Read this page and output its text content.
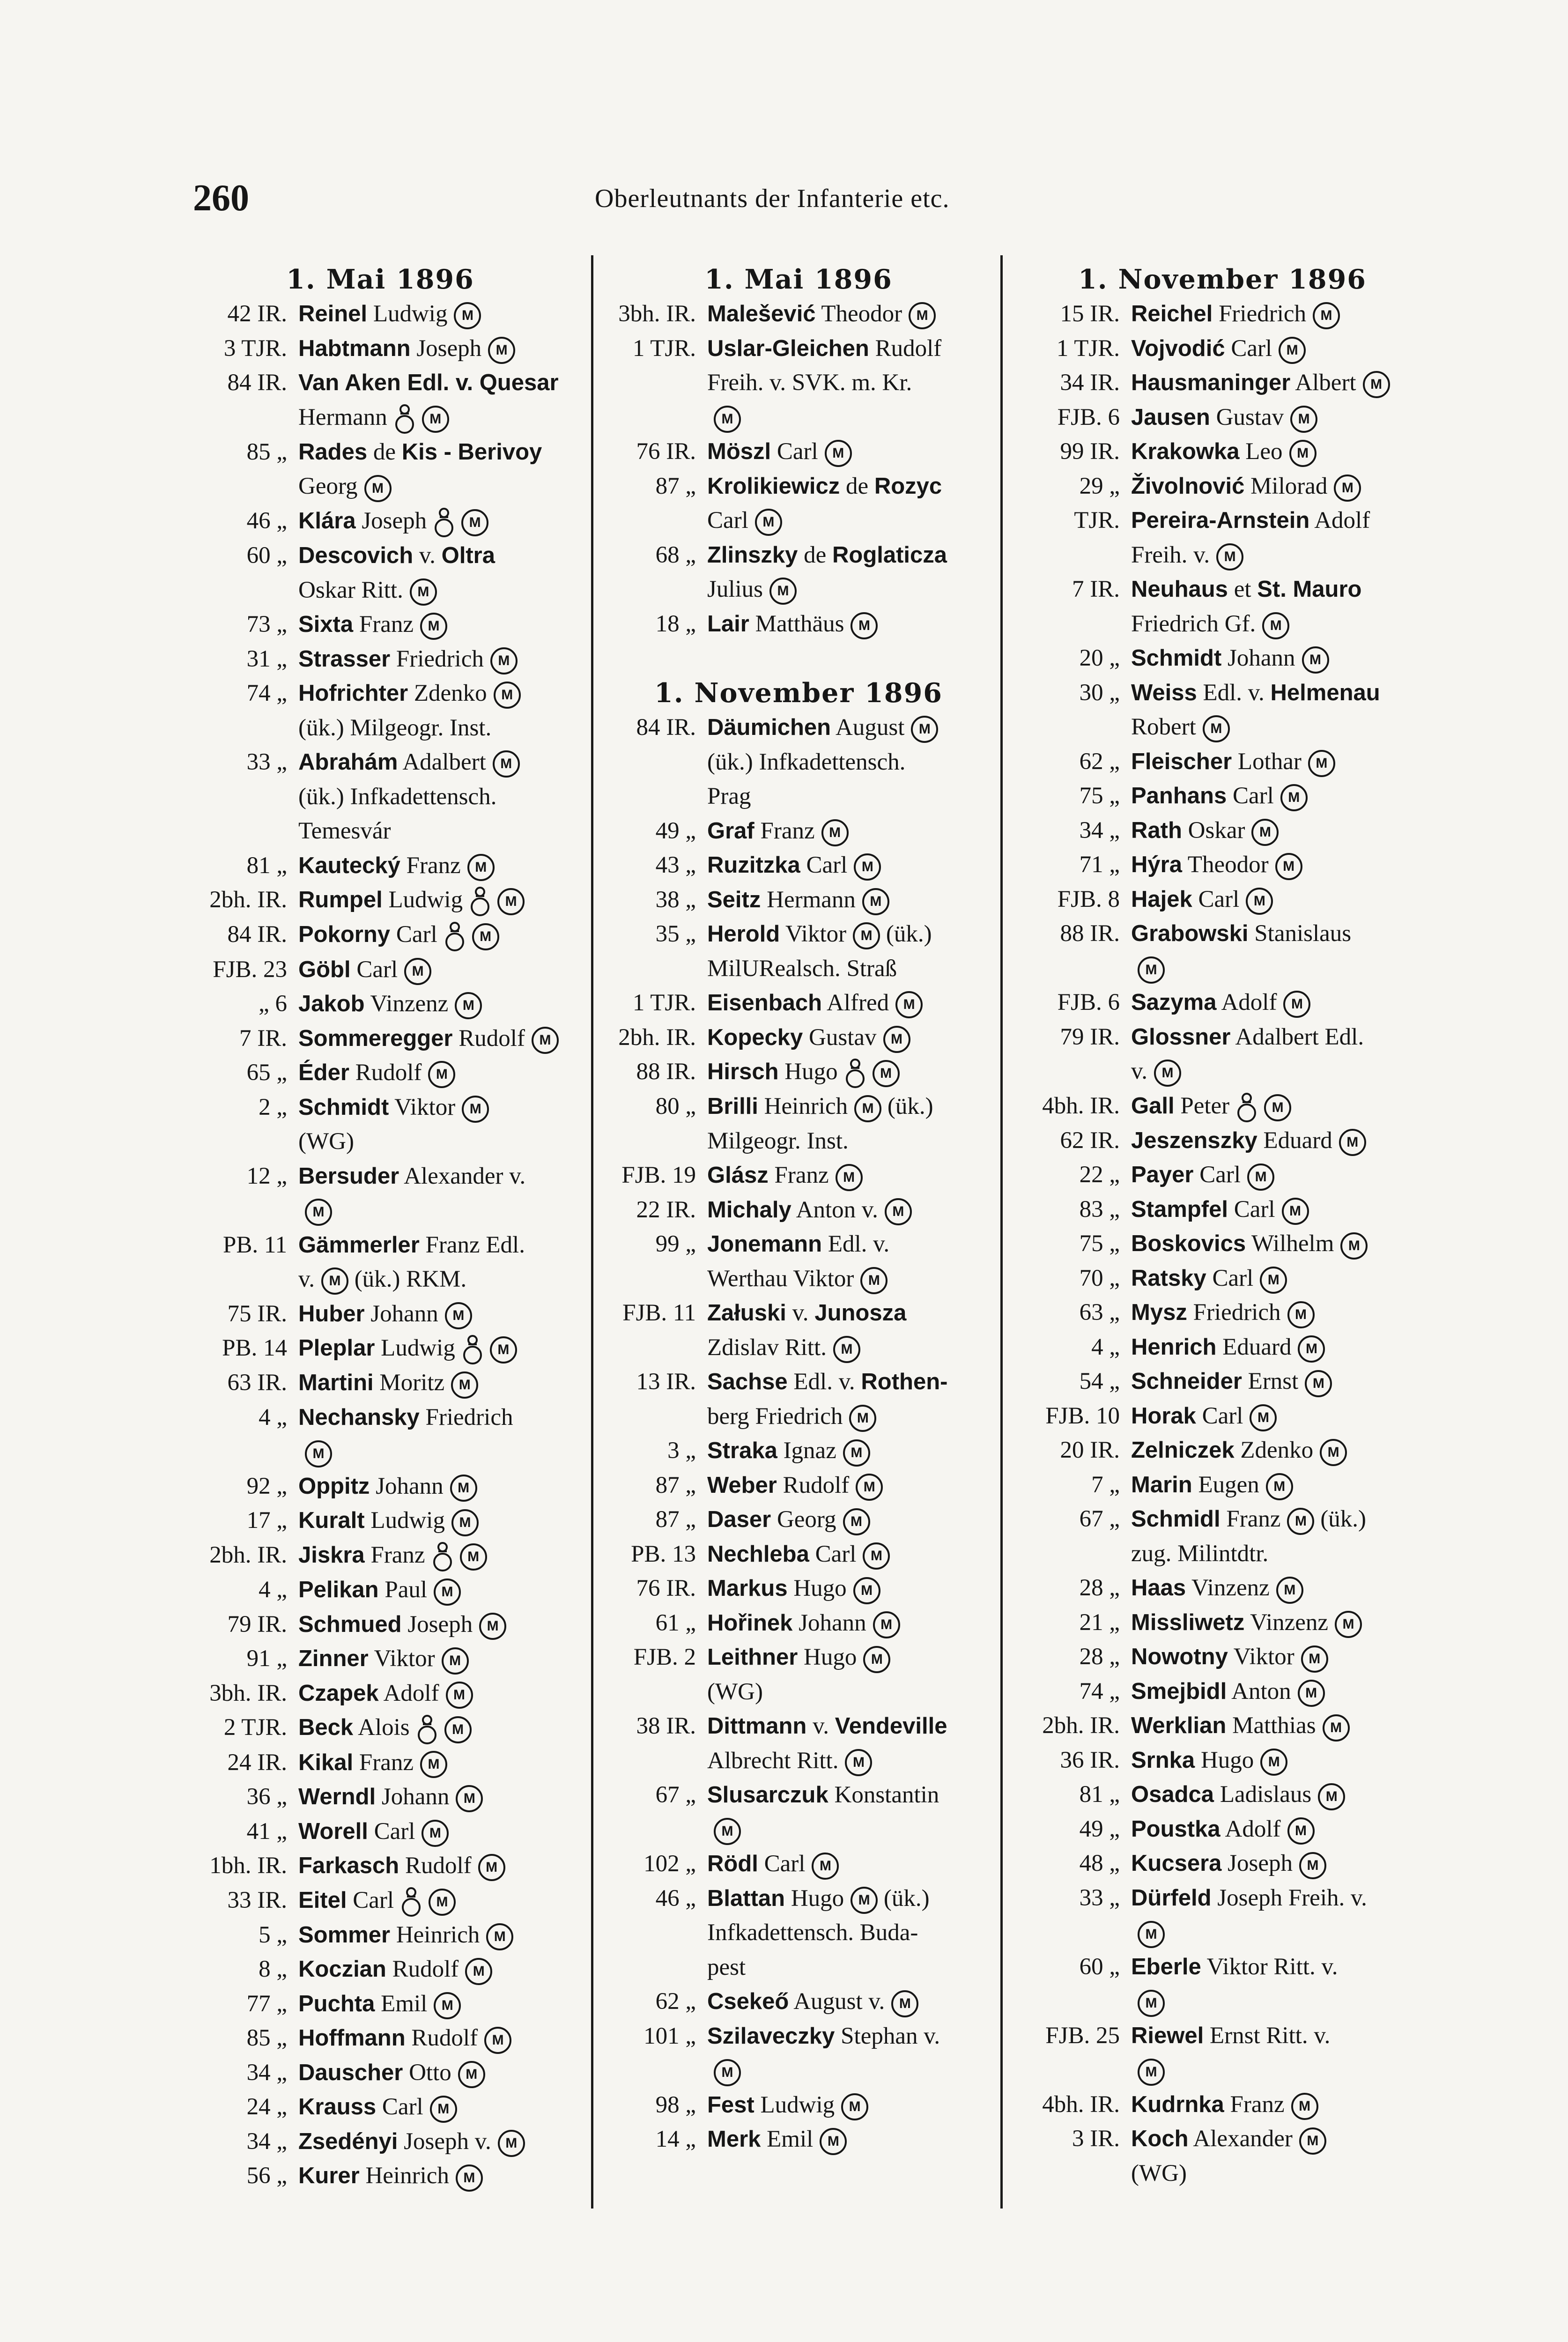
260	Oberleutnants der Infanterie etc.
1. Mai 1896
42 IR. Reinel Ludwig M
3 TJR. Habtmann Joseph M
84 IR. Van Aken Edl. v. Quesar
Hermann	M
85 „ Rades de Kis - Berivoy
Georg M
46 „ Klára Joseph	M
60 „ Descovich v. Oltra
Oskar Ritt. M
73 „ Sixta Franz M
31 „ Strasser Friedrich M
74 „ Hofrichter Zdenko M
(ük.) Milgeogr. Inst.
33 „ Abrahám Adalbert M
(ük.) Infkadettensch.
Temesvár
81 „ Kautecký Franz M
2bh. IR. Rumpel Ludwig	M
84 IR. Pokorny Carl	M
FJB. 23 Göbl Carl M
„ 6 Jakob Vinzenz M
7 IR. Sommeregger Rudolf M
65 „ Éder Rudolf M
2 „ Schmidt Viktor M
(WG)
12 „ Bersuder Alexander v.
M
PB. 11 Gämmerler Franz Edl.
v. M (ük.) RKM.
75 IR. Huber Johann M
PB. 14 Pleplar Ludwig	M
63 IR. Martini Moritz M
4 „ Nechansky Friedrich
M
92 „ Oppitz Johann M
17 „ Kuralt Ludwig M
2bh. IR. Jiskra Franz	M
4 „ Pelikan Paul M
79 IR. Schmued Joseph M
91 „ Zinner Viktor M
3bh. IR. Czapek Adolf M
2 TJR. Beck Alois	M
24 IR. Kikal Franz M
36 „ Werndl Johann M
41 „ Worell Carl M
1bh. IR. Farkasch Rudolf M
33 IR. Eitel Carl	M
5 „ Sommer Heinrich M
8 „ Koczian Rudolf M
77 „ Puchta Emil M
85 „ Hoffmann Rudolf M
34 „ Dauscher Otto M
24 „ Krauss Carl M
34 „ Zsedényi Joseph v. M
56 „ Kurer Heinrich M
1. Mai 1896
3bh. IR. Malešević Theodor M
1 TJR. Uslar-Gleichen Rudolf
Freih. v. SVK. m. Kr.
M
76 IR. Möszl Carl M
87 „ Krolikiewicz de Rozyc
Carl M
68 „ Zlinszky de Roglaticza
Julius M
18 „ Lair Matthäus M
1. November 1896
84 IR. Däumichen August M
(ük.) Infkadettensch.
Prag
49 „ Graf Franz M
43 „ Ruzitzka Carl M
38 „ Seitz Hermann M
35 „ Herold Viktor M (ük.)
MilURealsch. Straß
1 TJR. Eisenbach Alfred M
2bh. IR. Kopecky Gustav M
88 IR. Hirsch Hugo	M
80 „ Brilli Heinrich M (ük.)
Milgeogr. Inst.
FJB. 19 Glász Franz M
22 IR. Michaly Anton v. M
99 „ Jonemann Edl. v.
Werthau Viktor M
FJB. 11 Załuski v. Junosza
Zdislav Ritt. M
13 IR. Sachse Edl. v. Rothen-
berg Friedrich M
3 „ Straka Ignaz M
87 „ Weber Rudolf M
87 „ Daser Georg M
PB. 13 Nechleba Carl M
76 IR. Markus Hugo M
61 „ Hořinek Johann M
FJB. 2 Leithner Hugo M
(WG)
38 IR. Dittmann v. Vendeville
Albrecht Ritt. M
67 „ Slusarczuk Konstantin
M
102 „ Rödl Carl M
46 „ Blattan Hugo M (ük.)
Infkadettensch. Buda-
pest
62 „ Csekeő August v. M
101 „ Szilaveczky Stephan v.
M
98 „ Fest Ludwig M
14 „ Merk Emil M
1. November 1896
15 IR. Reichel Friedrich M
1 TJR. Vojvodić Carl M
34 IR. Hausmaninger Albert M
FJB. 6 Jausen Gustav M
99 IR. Krakowka Leo M
29 „ Živolnović Milorad M
TJR. Pereira-Arnstein Adolf
Freih. v. M
7 IR. Neuhaus et St. Mauro
Friedrich Gf. M
20 „ Schmidt Johann M
30 „ Weiss Edl. v. Helmenau
Robert M
62 „ Fleischer Lothar M
75 „ Panhans Carl M
34 „ Rath Oskar M
71 „ Hýra Theodor M
FJB. 8 Hajek Carl M
88 IR. Grabowski Stanislaus
M
FJB. 6 Sazyma Adolf M
79 IR. Glossner Adalbert Edl.
v. M
4bh. IR. Gall Peter	M
62 IR. Jeszenszky Eduard M
22 „ Payer Carl M
83 „ Stampfel Carl M
75 „ Boskovics Wilhelm M
70 „ Ratsky Carl M
63 „ Mysz Friedrich M
4 „ Henrich Eduard M
54 „ Schneider Ernst M
FJB. 10 Horak Carl M
20 IR. Zelniczek Zdenko M
7 „ Marin Eugen M
67 „ Schmidl Franz M (ük.)
zug. Milintdtr.
28 „ Haas Vinzenz M
21 „ Missliwetz Vinzenz M
28 „ Nowotny Viktor M
74 „ Smejbidl Anton M
2bh. IR. Werklian Matthias M
36 IR. Srnka Hugo M
81 „ Osadca Ladislaus M
49 „ Poustka Adolf M
48 „ Kucsera Joseph M
33 „ Dürfeld Joseph Freih. v.
M
60 „ Eberle Viktor Ritt. v.
M
FJB. 25 Riewel Ernst Ritt. v.
M
4bh. IR. Kudrnka Franz M
3 IR. Koch Alexander M
(WG)
